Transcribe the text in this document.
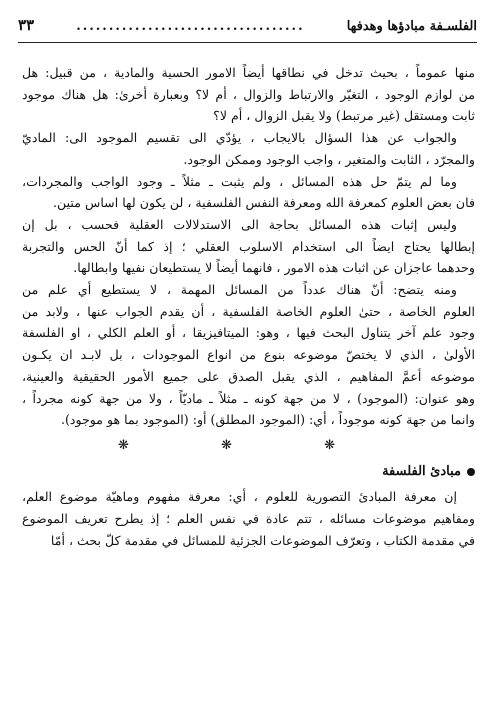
الفلسـفة مبادؤها وهدفها
...................................
٣٣
منها عموماً ، بحيث تدخل في نطاقها أيضاً الامور الحسية والمادية ، من قبيل: هل
من لوازم الوجود ، التغيّر والارتباط والزوال ، أم لا؟ وبعبارة أخرىٰ: هل هناك موجود
ثابت ومستقل (غير مرتبط) ولا يقبل الزوال ، أم لا؟
والجواب عن هذا السؤال بالايجاب ، يؤدّي الى تقسيم الموجود الى: الماديّ
والمجرّد ، الثابت والمتغير ، واجب الوجود وممكن الوجود.
وما لم يتمّ حل هذه المسائل ، ولم يثبت ـ مثلاً ـ وجود الواجب والمجردات،
فان بعض العلوم كمعرفة الله ومعرفة النفس الفلسفية ، لن يكون لها اساس متين.
وليس إثبات هذه المسائل بحاجة الى الاستدلالات العقلية فحسب ، بل إن
إبطالها يحتاج ايضاً الى استخدام الاسلوب العقلي ؛ إذ كما أنّ الحس والتجربة
وحدهما عاجزان عن اثبات هذه الامور ، فانهما أيضاً لا يستطيعان نفيها وابطالها.
ومنه يتضح: أنّ هناك عدداً من المسائل المهمة ، لا يستطيع أي علم من
العلوم الخاصة ، حتىٰ العلوم الخاصة الفلسفية ، أن يقدم الجواب عنها ، ولابد من
وجود علم آخر يتناول البحث فيها ، وهو: الميتافيزيقا ، أو العلم الكلي ، او الفلسفة
الأولىٰ ، الذي لا يختصّ موضوعه بنوع من انواع الموجودات ، بل لابـد ان يكـون
موضوعه أعمَّ المفاهيم ، الذي يقبل الصدق على جميع الأمور الحقيقية والعينية،
وهو عنوان: (الموجود) ، لا من جهة كونه ـ مثلاً ـ ماديّاً ، ولا من جهة كونه مجرداً ،
وانما من جهة كونه موجوداً ، أي: (الموجود المطلق) أو: (الموجود بما هو موجود).
❋ ❋ ❋
مبادئ الفلسفة
إن معرفة المبادئ التصورية للعلوم ، أي: معرفة مفهوم وماهيّة موضوع العلم،
ومفاهيم موضوعات مسائله ، تتم عادة في نفس العلم ؛ إذ يطرح تعريف الموضوع
في مقدمة الكتاب ، وتعرّف الموضوعات الجزئية للمسائل في مقدمة كلّ بحث ، أمّا
